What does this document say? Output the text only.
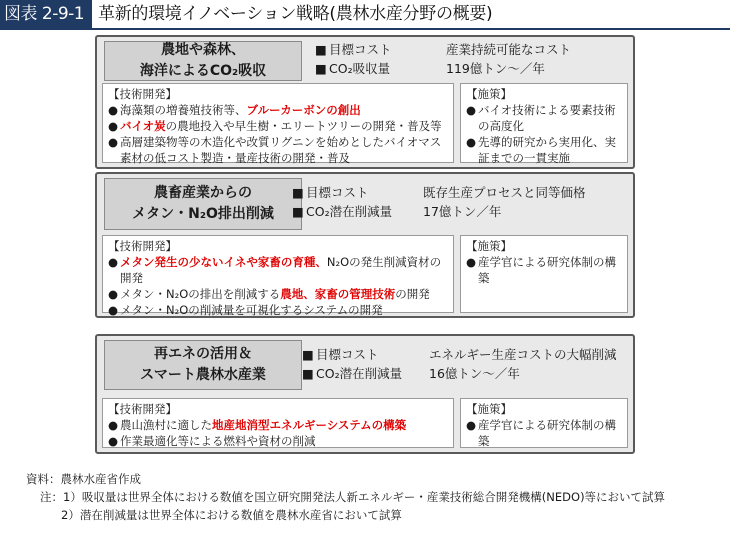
図表 2-9-1 革新的環境イノベーション戦略(農林水産分野の概要)
農地や森林、
海洋によるCO₂吸収
■ 目標コスト	産業持続可能なコスト
■ CO₂吸収量	119億トン〜／年
【技術開発】
● 海藻類の増養殖技術等、ブルーカーボンの創出
● バイオ炭の農地投入や早生樹・エリートツリーの開発・普及等
● 高層建築物等の木造化や改質リグニンを始めとしたバイオマス素材の低コスト製造・量産技術の開発・普及
【施策】
● バイオ技術による要素技術の高度化
● 先導的研究から実用化、実証までの一貫実施
農畜産業からの
メタン・N₂O排出削減
■ 目標コスト	既存生産プロセスと同等価格
■ CO₂潜在削減量	17億トン／年
【技術開発】
● メタン発生の少ないイネや家畜の育種、N₂Oの発生削減資材の開発
● メタン・N₂Oの排出を削減する農地、家畜の管理技術の開発
● メタン・N₂Oの削減量を可視化するシステムの開発
【施策】
● 産学官による研究体制の構築
再エネの活用＆
スマート農林水産業
■ 目標コスト	エネルギー生産コストの大幅削減
■ CO₂潜在削減量	16億トン〜／年
【技術開発】
● 農山漁村に適した地産地消型エネルギーシステムの構築
● 作業最適化等による燃料や資材の削減
【施策】
● 産学官による研究体制の構築
資料：農林水産省作成
注：1）吸収量は世界全体における数値を国立研究開発法人新エネルギー・産業技術総合開発機構(NEDO)等において試算
2）潜在削減量は世界全体における数値を農林水産省において試算
